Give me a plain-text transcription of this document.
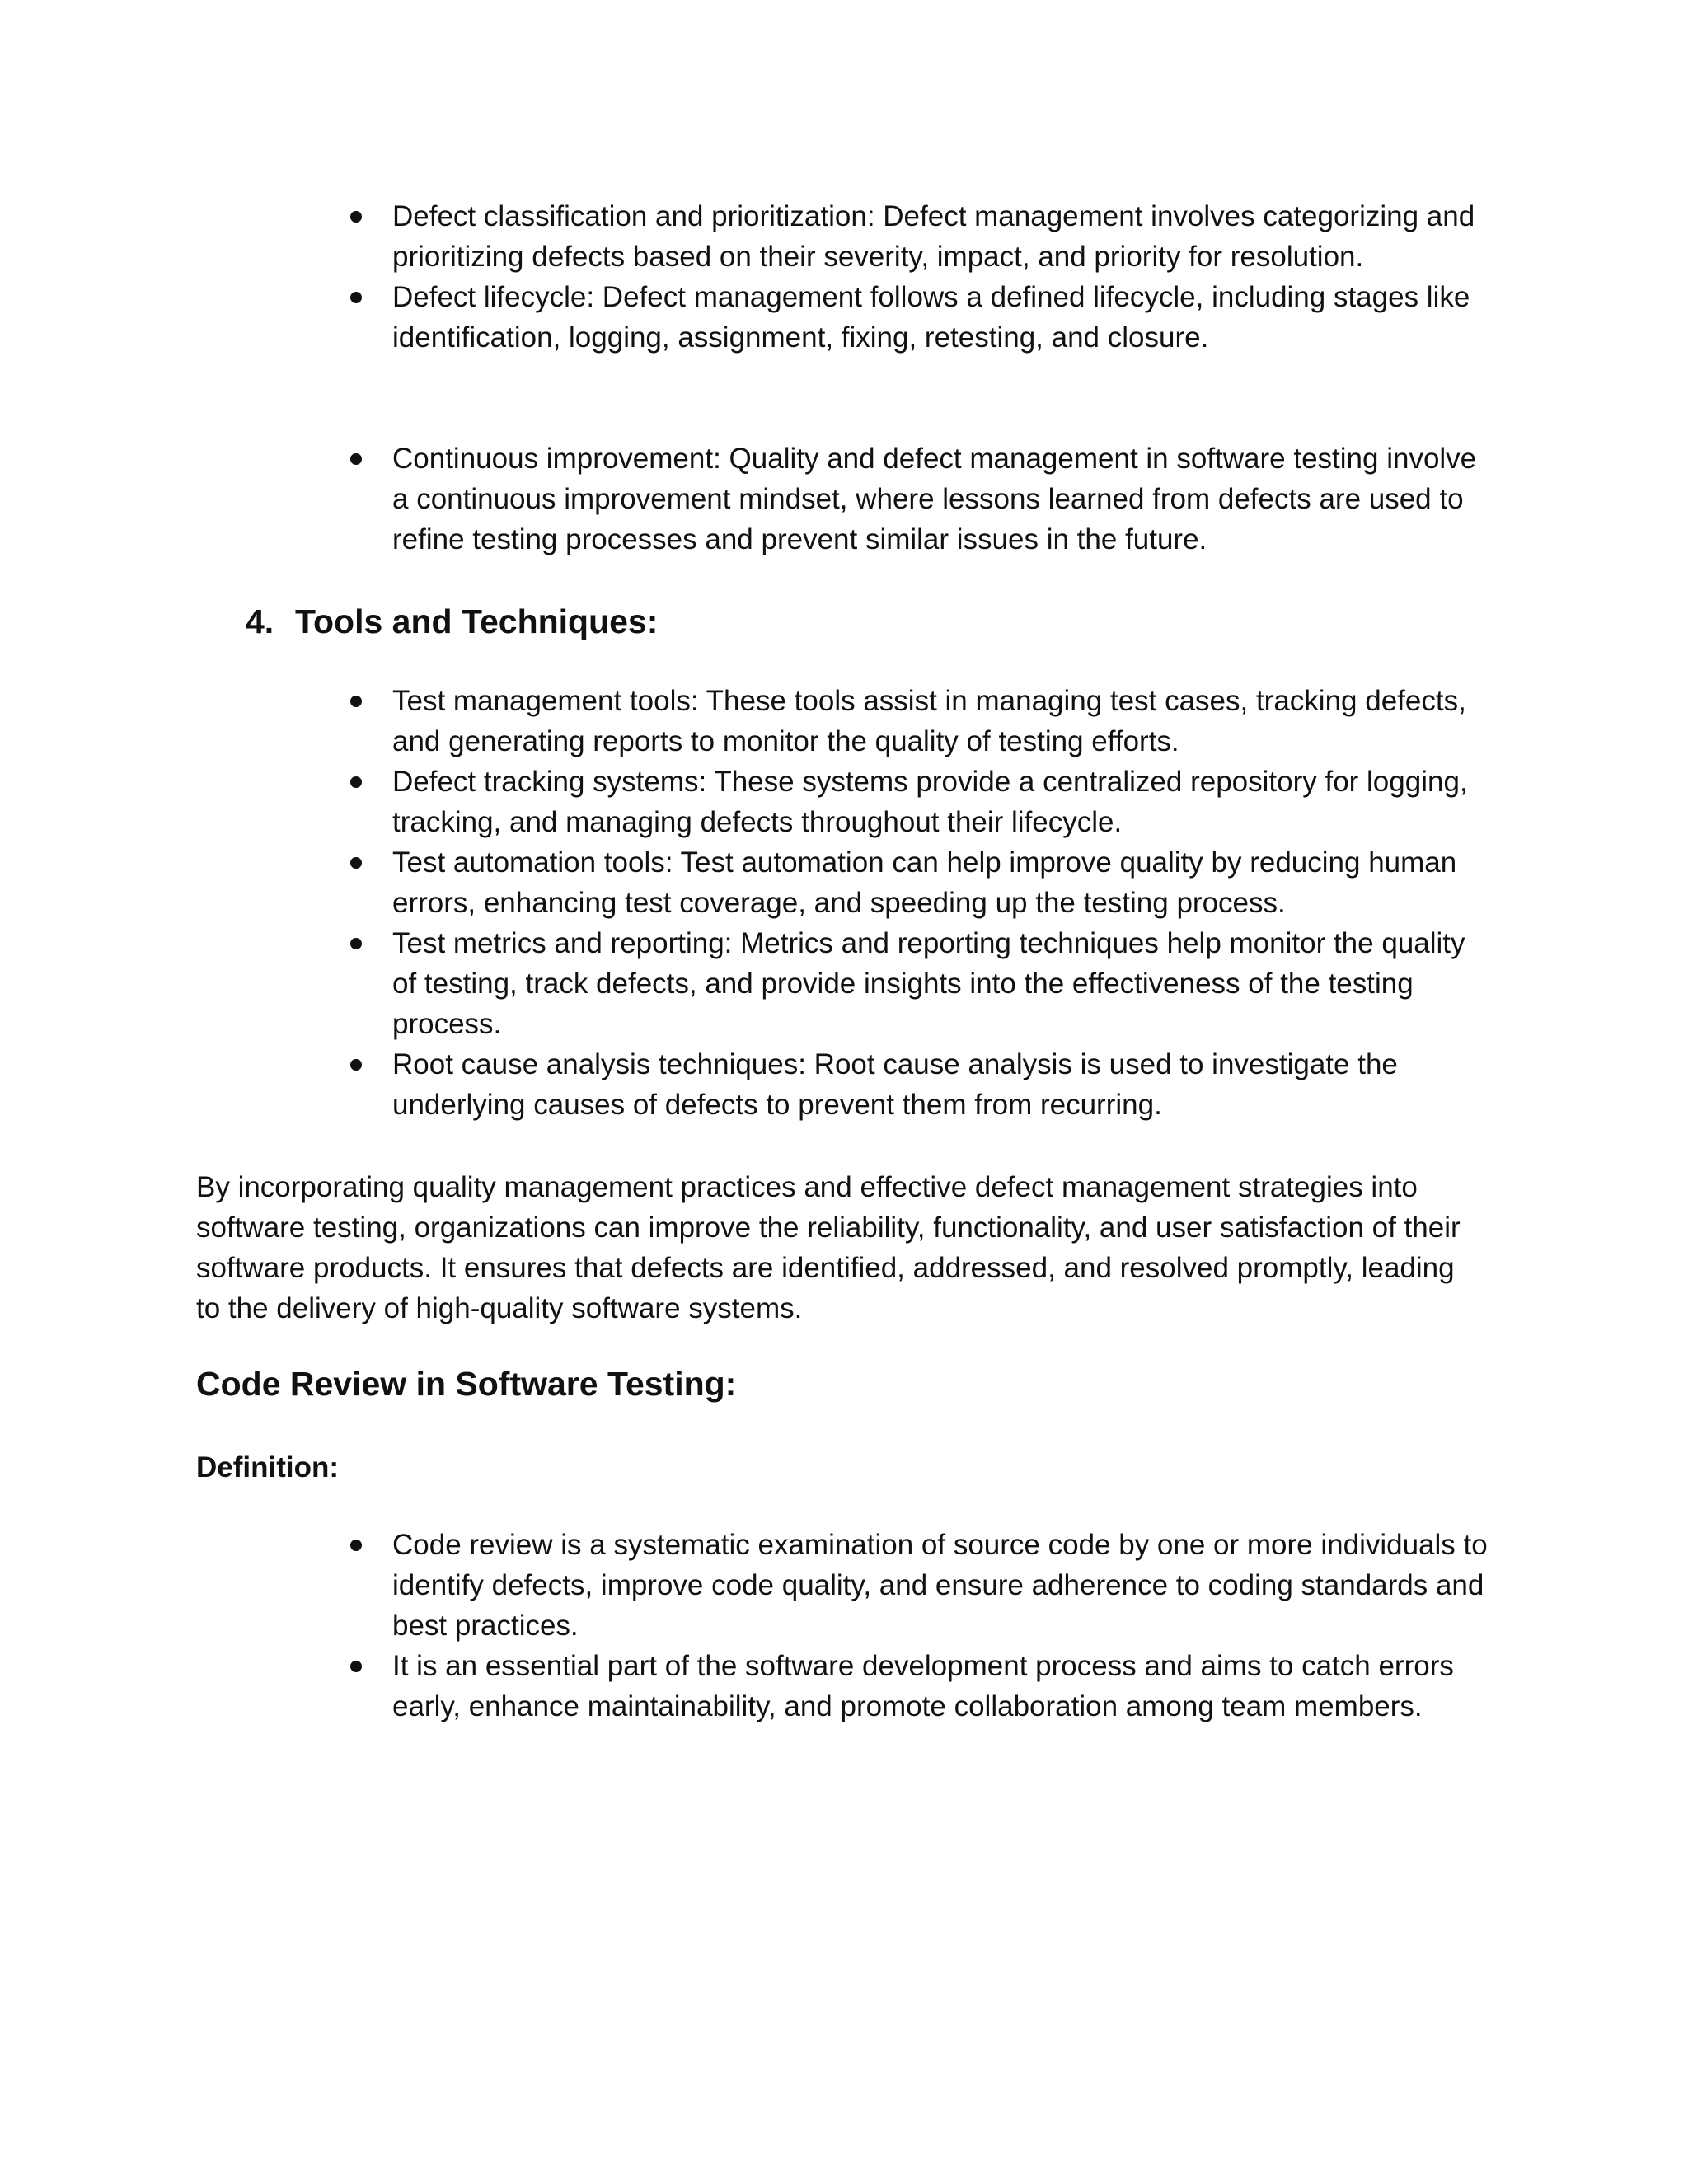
Defect classification and prioritization: Defect management involves categorizing and prioritizing defects based on their severity, impact, and priority for resolution.
Defect lifecycle: Defect management follows a defined lifecycle, including stages like identification, logging, assignment, fixing, retesting, and closure.
Continuous improvement: Quality and defect management in software testing involve a continuous improvement mindset, where lessons learned from defects are used to refine testing processes and prevent similar issues in the future.
4. Tools and Techniques:
Test management tools: These tools assist in managing test cases, tracking defects, and generating reports to monitor the quality of testing efforts.
Defect tracking systems: These systems provide a centralized repository for logging, tracking, and managing defects throughout their lifecycle.
Test automation tools: Test automation can help improve quality by reducing human errors, enhancing test coverage, and speeding up the testing process.
Test metrics and reporting: Metrics and reporting techniques help monitor the quality of testing, track defects, and provide insights into the effectiveness of the testing process.
Root cause analysis techniques: Root cause analysis is used to investigate the underlying causes of defects to prevent them from recurring.

By incorporating quality management practices and effective defect management strategies into software testing, organizations can improve the reliability, functionality, and user satisfaction of their software products. It ensures that defects are identified, addressed, and resolved promptly, leading to the delivery of high-quality software systems.

Code Review in Software Testing:
Definition:
Code review is a systematic examination of source code by one or more individuals to identify defects, improve code quality, and ensure adherence to coding standards and best practices.
It is an essential part of the software development process and aims to catch errors early, enhance maintainability, and promote collaboration among team members.
